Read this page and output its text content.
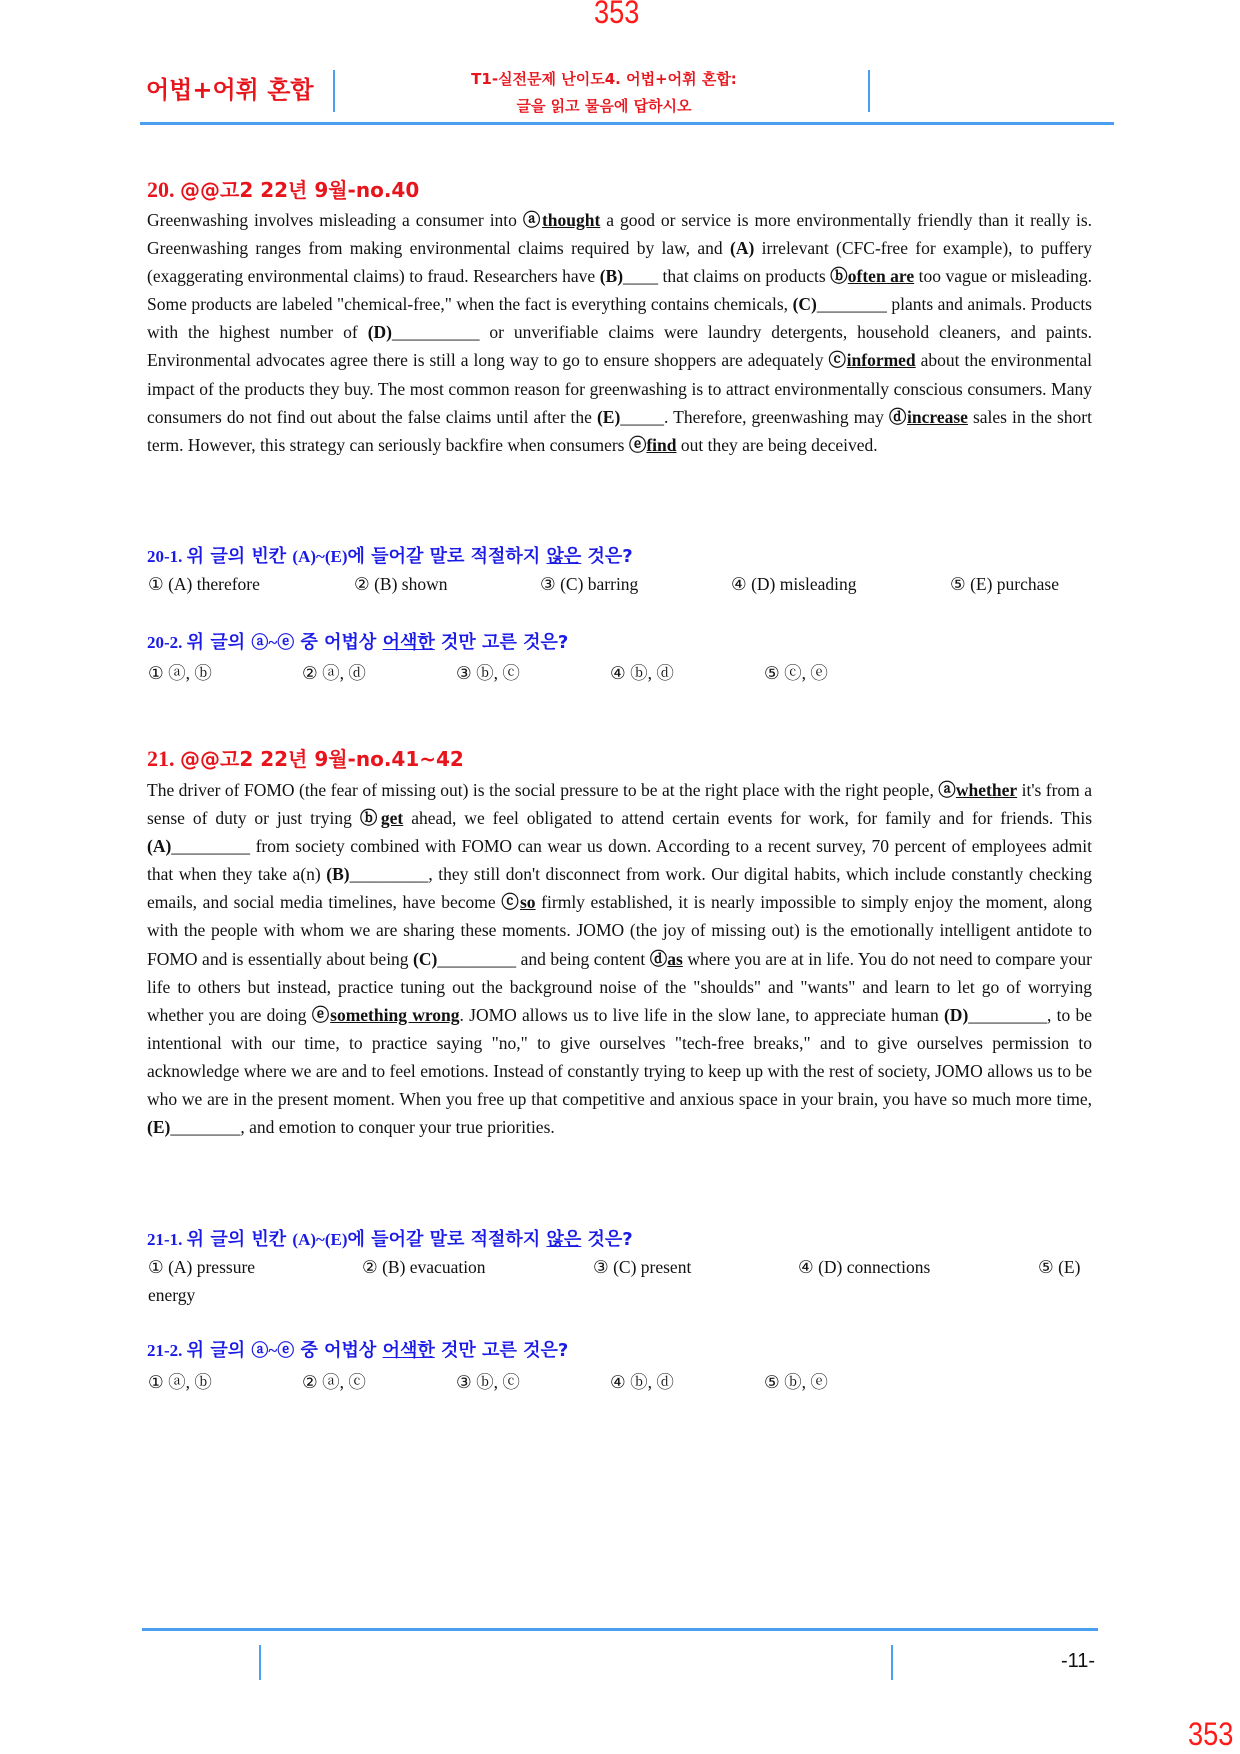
353
어법+어휘 혼합	T1-실전문제 난이도4. 어법+어휘 혼합:
글을 읽고 물음에 답하시오
20. @@고2 22년 9월-no.40
Greenwashing involves misleading a consumer into ⓐthought a good or service is more environmentally friendly than it really is. Greenwashing ranges from making environmental claims required by law, and (A) irrelevant (CFC-free for example), to puffery (exaggerating environmental claims) to fraud. Researchers have (B)____ that claims on products ⓑoften are too vague or misleading. Some products are labeled "chemical-free," when the fact is everything contains chemicals, (C)________ plants and animals. Products with the highest number of (D)__________ or unverifiable claims were laundry detergents, household cleaners, and paints. Environmental advocates agree there is still a long way to go to ensure shoppers are adequately ⓒinformed about the environmental impact of the products they buy. The most common reason for greenwashing is to attract environmentally conscious consumers. Many consumers do not find out about the false claims until after the (E)_____. Therefore, greenwashing may ⓓincrease sales in the short term. However, this strategy can seriously backfire when consumers ⓔfind out they are being deceived.
20-1. 위 글의 빈칸 (A)~(E)에 들어갈 말로 적절하지 않은 것은?
① (A) therefore	② (B) shown	③ (C) barring	④ (D) misleading	⑤ (E) purchase
20-2. 위 글의 ⓐ~ⓔ 중 어법상 어색한 것만 고른 것은?
① ⓐ, ⓑ	② ⓐ, ⓓ	③ ⓑ, ⓒ	④ ⓑ, ⓓ	⑤ ⓒ, ⓔ
21. @@고2 22년 9월-no.41~42
The driver of FOMO (the fear of missing out) is the social pressure to be at the right place with the right people, ⓐwhether it's from a sense of duty or just trying ⓑget ahead, we feel obligated to attend certain events for work, for family and for friends. This (A)_________ from society combined with FOMO can wear us down. According to a recent survey, 70 percent of employees admit that when they take a(n) (B)_________, they still don't disconnect from work. Our digital habits, which include constantly checking emails, and social media timelines, have become ⓒso firmly established, it is nearly impossible to simply enjoy the moment, along with the people with whom we are sharing these moments. JOMO (the joy of missing out) is the emotionally intelligent antidote to FOMO and is essentially about being (C)_________ and being content ⓓas where you are at in life. You do not need to compare your life to others but instead, practice tuning out the background noise of the "shoulds" and "wants" and learn to let go of worrying whether you are doing ⓔsomething wrong. JOMO allows us to live life in the slow lane, to appreciate human (D)_________, to be intentional with our time, to practice saying "no," to give ourselves "tech-free breaks," and to give ourselves permission to acknowledge where we are and to feel emotions. Instead of constantly trying to keep up with the rest of society, JOMO allows us to be who we are in the present moment. When you free up that competitive and anxious space in your brain, you have so much more time, (E)________, and emotion to conquer your true priorities.
21-1. 위 글의 빈칸 (A)~(E)에 들어갈 말로 적절하지 않은 것은?
① (A) pressure	② (B) evacuation	③ (C) present	④ (D) connections	⑤ (E)
energy
21-2. 위 글의 ⓐ~ⓔ 중 어법상 어색한 것만 고른 것은?
① ⓐ, ⓑ	② ⓐ, ⓒ	③ ⓑ, ⓒ	④ ⓑ, ⓓ	⑤ ⓑ, ⓔ
-11-
353
